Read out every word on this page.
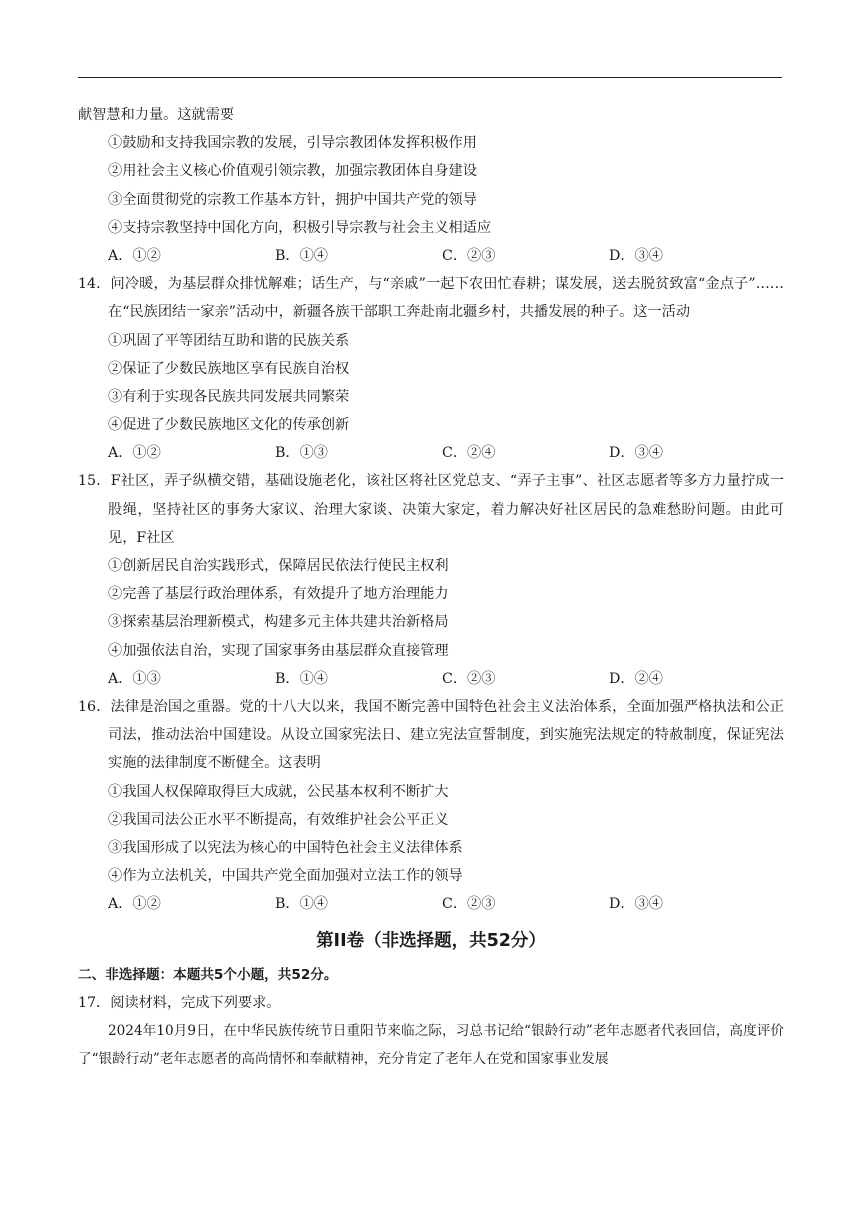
献智慧和力量。这就需要
①鼓励和支持我国宗教的发展，引导宗教团体发挥积极作用
②用社会主义核心价值观引领宗教，加强宗教团体自身建设
③全面贯彻党的宗教工作基本方针，拥护中国共产党的领导
④支持宗教坚持中国化方向，积极引导宗教与社会主义相适应
A．①②	B．①④	C．②③	D．③④
14．问冷暖，为基层群众排忧解难；话生产，与“亲戚”一起下农田忙春耕；谋发展，送去脱贫致富“金点子”……在“民族团结一家亲”活动中，新疆各族干部职工奔赴南北疆乡村，共播发展的种子。这一活动
①巩固了平等团结互助和谐的民族关系
②保证了少数民族地区享有民族自治权
③有利于实现各民族共同发展共同繁荣
④促进了少数民族地区文化的传承创新
A．①②	B．①③	C．②④	D．③④
15．F社区，弄子纵横交错，基础设施老化，该社区将社区党总支、“弄子主事”、社区志愿者等多方力量拧成一股绳，坚持社区的事务大家议、治理大家谈、决策大家定，着力解决好社区居民的急难愁盼问题。由此可见，F社区
①创新居民自治实践形式，保障居民依法行使民主权利
②完善了基层行政治理体系，有效提升了地方治理能力
③探索基层治理新模式，构建多元主体共建共治新格局
④加强依法自治，实现了国家事务由基层群众直接管理
A．①③	B．①④	C．②③	D．②④
16．法律是治国之重器。党的十八大以来，我国不断完善中国特色社会主义法治体系，全面加强严格执法和公正司法，推动法治中国建设。从设立国家宪法日、建立宪法宣誓制度，到实施宪法规定的特赦制度，保证宪法实施的法律制度不断健全。这表明
①我国人权保障取得巨大成就，公民基本权利不断扩大
②我国司法公正水平不断提高，有效维护社会公平正义
③我国形成了以宪法为核心的中国特色社会主义法律体系
④作为立法机关，中国共产党全面加强对立法工作的领导
A．①②	B．①④	C．②③	D．③④
第II卷（非选择题，共52分）
二、非选择题：本题共5个小题，共52分。
17．阅读材料，完成下列要求。
2024年10月9日，在中华民族传统节日重阳节来临之际，习总书记给“银龄行动”老年志愿者代表回信，高度评价了“银龄行动”老年志愿者的高尚情怀和奉献精神，充分肯定了老年人在党和国家事业发展
